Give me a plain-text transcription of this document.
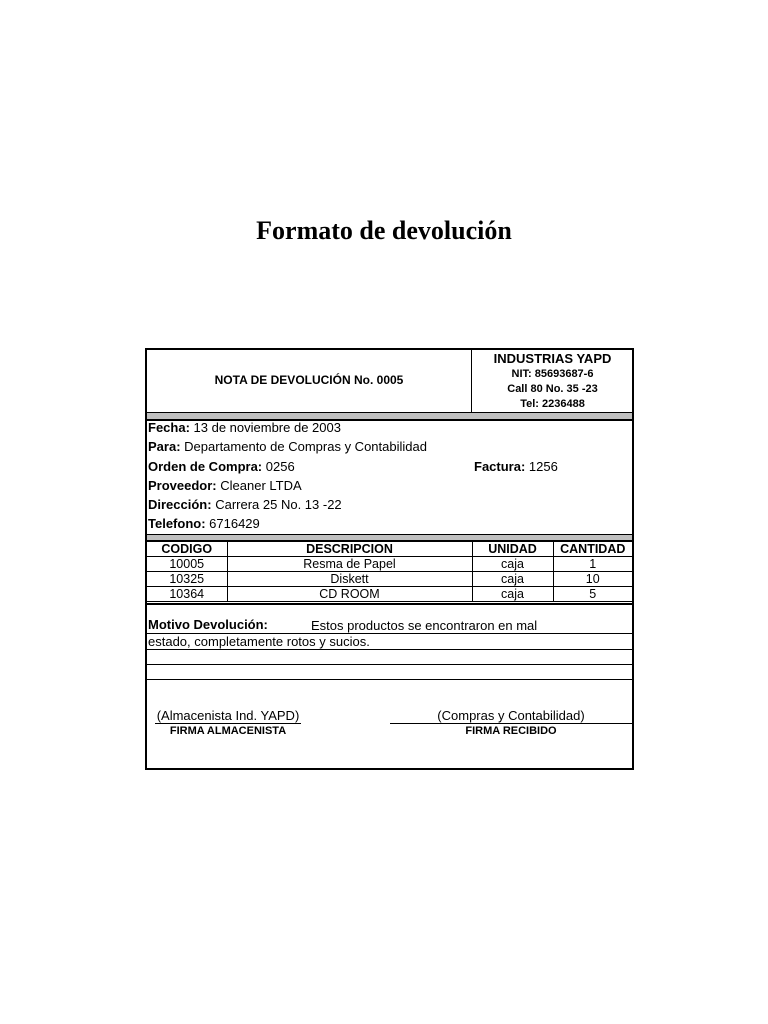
Formato de devolución
NOTA DE DEVOLUCIÓN No. 0005
INDUSTRIAS YAPD
NIT: 85693687-6
Call 80 No. 35 -23
Tel: 2236488
Fecha: 13 de noviembre de 2003
Para: Departamento de Compras y Contabilidad
Orden de Compra: 0256	Factura: 1256
Proveedor: Cleaner LTDA
Dirección: Carrera 25 No. 13 -22
Telefono: 6716429
CODIGO	DESCRIPCION	UNIDAD	CANTIDAD
10005	Resma de Papel	caja	1
10325	Diskett	caja	10
10364	CD ROOM	caja	5
Motivo Devolución:	Estos productos se encontraron en mal
estado, completamente rotos y sucios.
(Almacenista Ind. YAPD)
FIRMA ALMACENISTA
(Compras y Contabilidad)
FIRMA RECIBIDO
